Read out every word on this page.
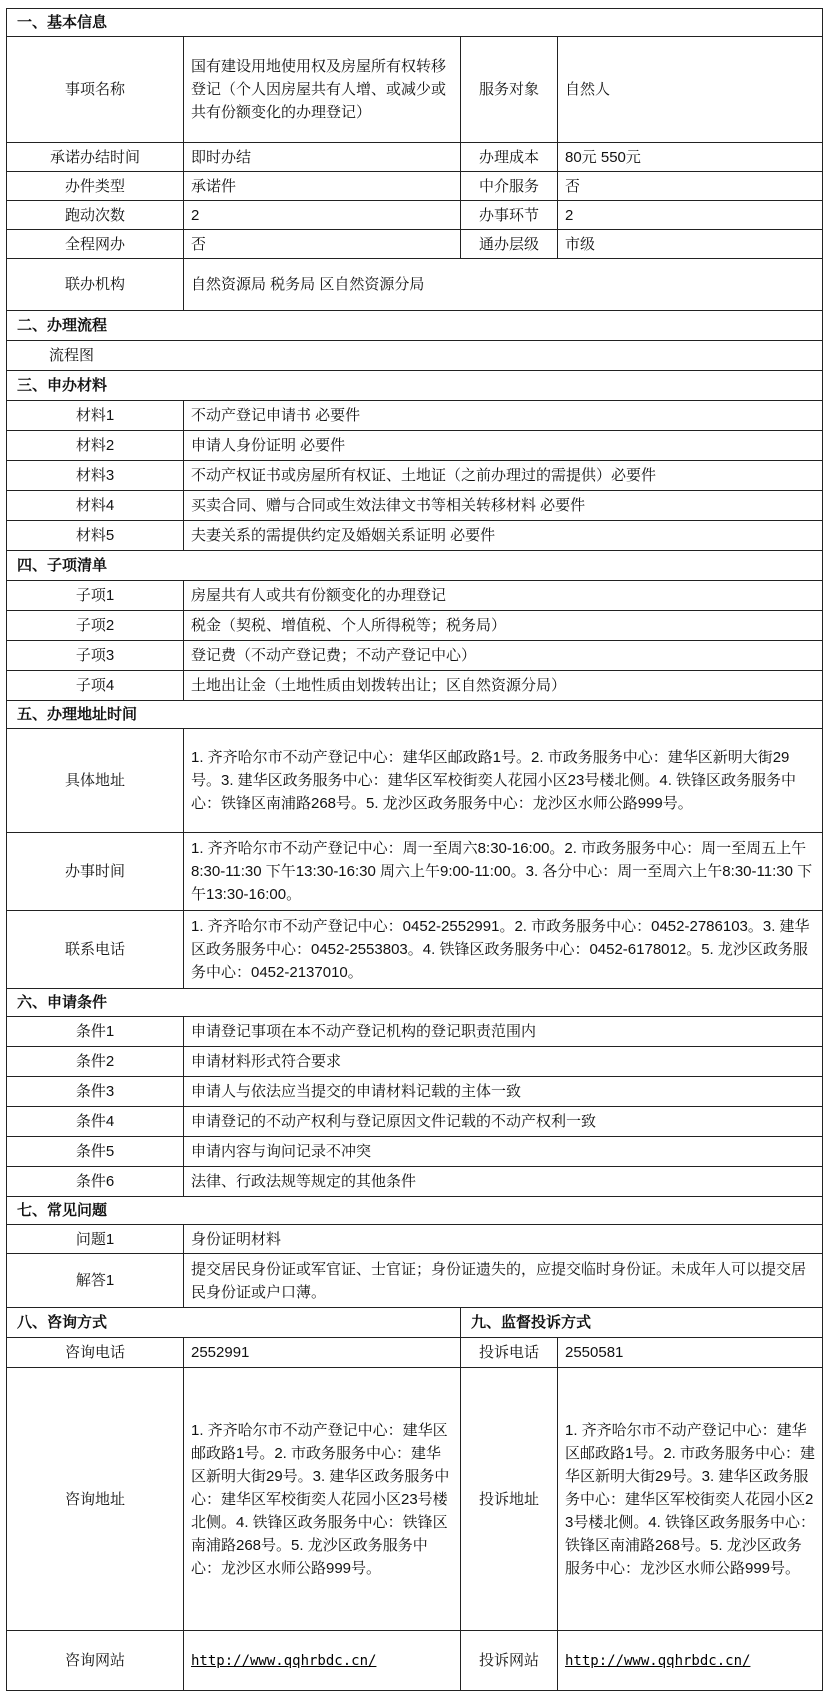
一、基本信息			
事项名称	国有建设用地使用权及房屋所有权转移登记（个人因房屋共有人增、或减少或共有份额变化的办理登记）	服务对象	自然人
承诺办结时间	即时办结	办理成本	80元 550元
办件类型	承诺件	中介服务	否
跑动次数	2	办事环节	2
全程网办	否	通办层级	市级
联办机构	自然资源局 税务局 区自然资源分局		
二、办理流程			
流程图			
三、申办材料			
材料1	不动产登记申请书 必要件		
材料2	申请人身份证明 必要件		
材料3	不动产权证书或房屋所有权证、土地证（之前办理过的需提供）必要件		
材料4	买卖合同、赠与合同或生效法律文书等相关转移材料 必要件		
材料5	夫妻关系的需提供约定及婚姻关系证明 必要件		
四、子项清单			
子项1	房屋共有人或共有份额变化的办理登记		
子项2	税金（契税、增值税、个人所得税等；税务局）		
子项3	登记费（不动产登记费；不动产登记中心）		
子项4	土地出让金（土地性质由划拨转出让；区自然资源分局）		
五、办理地址时间			
具体地址	1. 齐齐哈尔市不动产登记中心：建华区邮政路1号。2. 市政务服务中心：建华区新明大街29号。3. 建华区政务服务中心：建华区军校街奕人花园小区23号楼北侧。4. 铁锋区政务服务中心：铁锋区南浦路268号。5. 龙沙区政务服务中心：龙沙区水师公路999号。		
办事时间	1. 齐齐哈尔市不动产登记中心：周一至周六8:30-16:00。2. 市政务服务中心：周一至周五上午8:30-11:30 下午13:30-16:30 周六上午9:00-11:00。3. 各分中心：周一至周六上午8:30-11:30 下午13:30-16:00。		
联系电话	1. 齐齐哈尔市不动产登记中心：0452-2552991。2. 市政务服务中心：0452-2786103。3. 建华区政务服务中心：0452-2553803。4. 铁锋区政务服务中心：0452-6178012。5. 龙沙区政务服务中心：0452-2137010。		
六、申请条件			
条件1	申请登记事项在本不动产登记机构的登记职责范围内		
条件2	申请材料形式符合要求		
条件3	申请人与依法应当提交的申请材料记载的主体一致		
条件4	申请登记的不动产权利与登记原因文件记载的不动产权利一致		
条件5	申请内容与询问记录不冲突		
条件6	法律、行政法规等规定的其他条件		
七、常见问题			
问题1	身份证明材料		
解答1	提交居民身份证或军官证、士官证；身份证遗失的，应提交临时身份证。未成年人可以提交居民身份证或户口薄。		
八、咨询方式		九、监督投诉方式	
咨询电话	2552991	投诉电话	2550581
咨询地址	1. 齐齐哈尔市不动产登记中心：建华区邮政路1号。2. 市政务服务中心：建华区新明大街29号。3. 建华区政务服务中心：建华区军校街奕人花园小区23号楼北侧。4. 铁锋区政务服务中心：铁锋区南浦路268号。5. 龙沙区政务服务中心：龙沙区水师公路999号。	投诉地址	1. 齐齐哈尔市不动产登记中心：建华区邮政路1号。2. 市政务服务中心：建华区新明大街29号。3. 建华区政务服务中心：建华区军校街奕人花园小区23号楼北侧。4. 铁锋区政务服务中心：铁锋区南浦路268号。5. 龙沙区政务服务中心：龙沙区水师公路999号。
咨询网站	http://www.qqhrbdc.cn/	投诉网站	http://www.qqhrbdc.cn/
